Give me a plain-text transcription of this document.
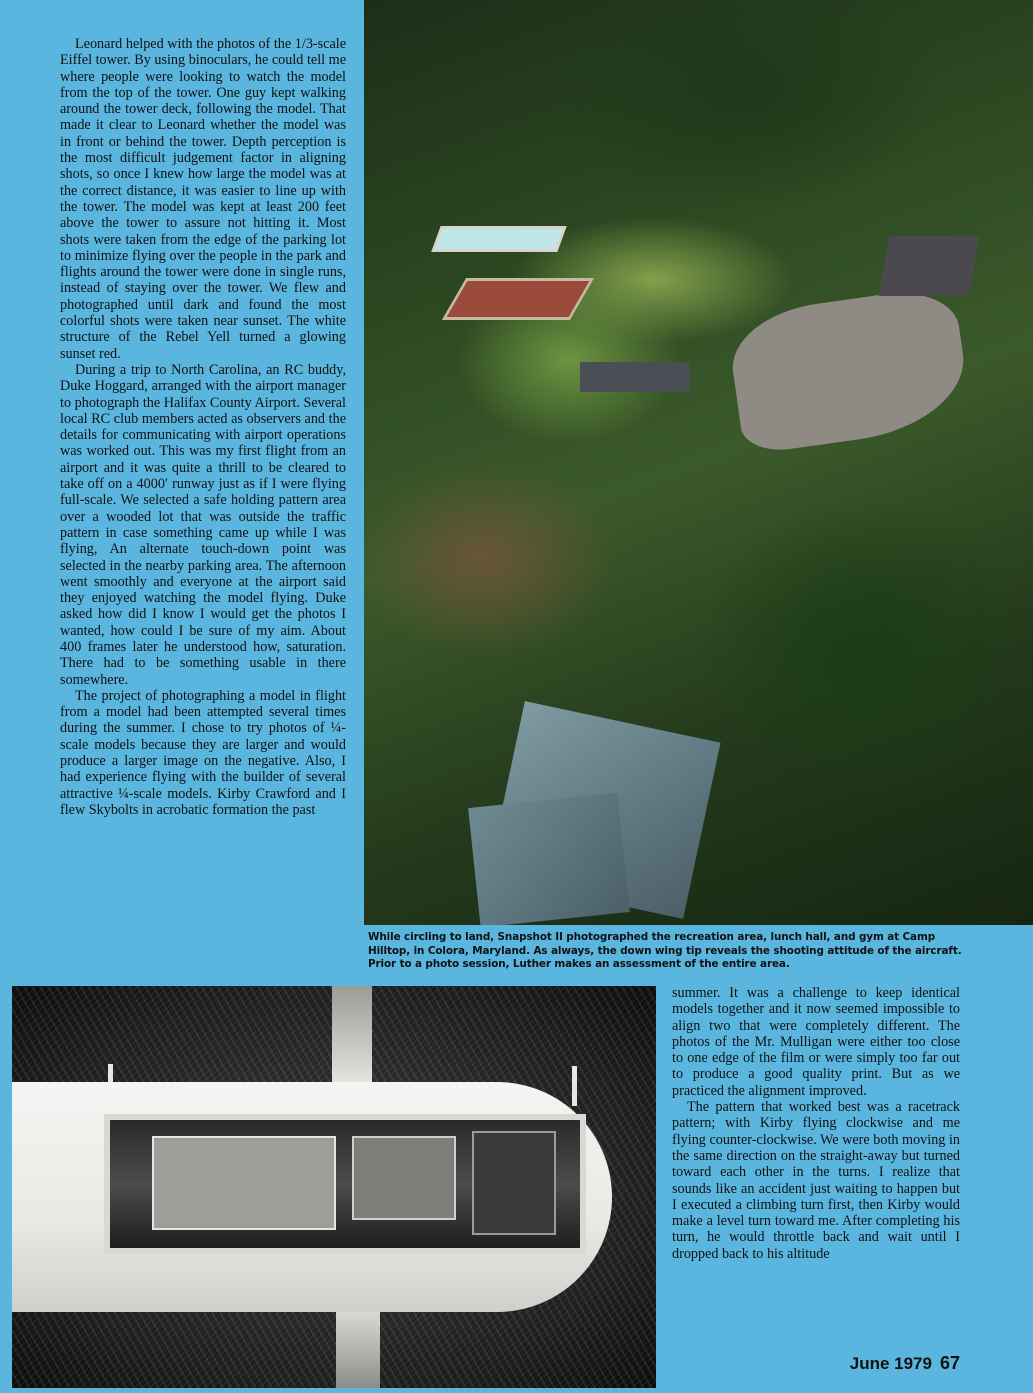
While circling to land, Snapshot II photographed the recreation area, lunch hall, and gym at Camp Hilltop, in Colora, Maryland. As always, the down wing tip reveals the shooting attitude of the aircraft. Prior to a photo session, Luther makes an assessment of the entire area.

Leonard helped with the photos of the 1/3-scale Eiffel tower. By using binoculars, he could tell me where people were looking to watch the model from the top of the tower. One guy kept walking around the tower deck, following the model. That made it clear to Leonard whether the model was in front or behind the tower. Depth perception is the most difficult judgement factor in aligning shots, so once I knew how large the model was at the correct distance, it was easier to line up with the tower. The model was kept at least 200 feet above the tower to assure not hitting it. Most shots were taken from the edge of the parking lot to minimize flying over the people in the park and flights around the tower were done in single runs, instead of staying over the tower. We flew and photographed until dark and found the most colorful shots were taken near sunset. The white structure of the Rebel Yell turned a glowing sunset red.

During a trip to North Carolina, an RC buddy, Duke Hoggard, arranged with the airport manager to photograph the Halifax County Airport. Several local RC club members acted as observers and the details for communicating with airport operations was worked out. This was my first flight from an airport and it was quite a thrill to be cleared to take off on a 4000′ runway just as if I were flying full-scale. We selected a safe holding pattern area over a wooded lot that was outside the traffic pattern in case something came up while I was flying, An alternate touch-down point was selected in the nearby parking area. The afternoon went smoothly and everyone at the airport said they enjoyed watching the model flying. Duke asked how did I know I would get the photos I wanted, how could I be sure of my aim. About 400 frames later he understood how, saturation. There had to be something usable in there somewhere.

The project of photographing a model in flight from a model had been attempted several times during the summer. I chose to try photos of ¼-scale models because they are larger and would produce a larger image on the negative. Also, I had experience flying with the builder of several attractive ¼-scale models. Kirby Crawford and I flew Skybolts in acrobatic formation the past

summer. It was a challenge to keep identical models together and it now seemed impossible to align two that were completely different. The photos of the Mr. Mulligan were either too close to one edge of the film or were simply too far out to produce a good quality print. But as we practiced the alignment improved.

The pattern that worked best was a racetrack pattern; with Kirby flying clockwise and me flying counter-clockwise. We were both moving in the same direction on the straight-away but turned toward each other in the turns. I realize that sounds like an accident just waiting to happen but I executed a climbing turn first, then Kirby would make a level turn toward me. After completing his turn, he would throttle back and wait until I dropped back to his altitude

June 1979 67
